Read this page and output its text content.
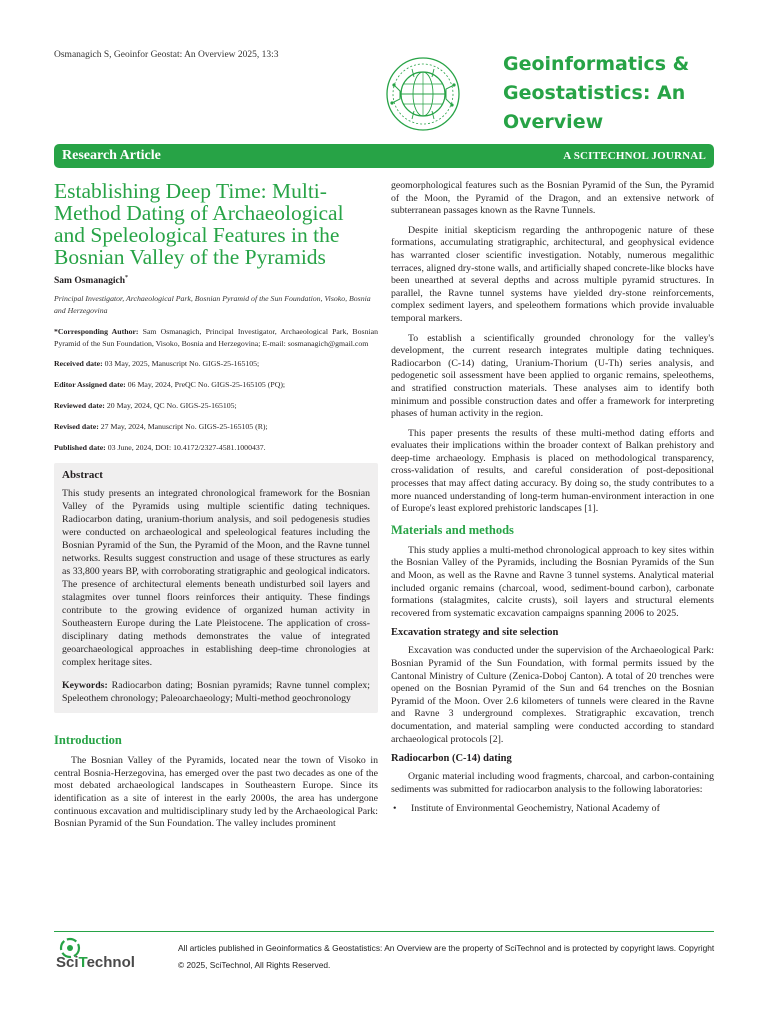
Osmanagich S, Geoinfor Geostat: An Overview 2025, 13:3	Geoinformatics &
Geostatistics: An
Overview
Research Article	A SCITECHNOL JOURNAL
Establishing Deep Time: Multi-Method Dating of Archaeological and Speleological Features in the Bosnian Valley of the Pyramids
Sam Osmanagich*
Principal Investigator, Archaeological Park, Bosnian Pyramid of the Sun Foundation, Visoko, Bosnia and Herzegovina
*Corresponding Author: Sam Osmanagich, Principal Investigator, Archaeological Park, Bosnian Pyramid of the Sun Foundation, Visoko, Bosnia and Herzegovina; E-mail: sosmanagich@gmail.com

Received date: 03 May, 2025, Manuscript No. GIGS-25-165105;

Editor Assigned date: 06 May, 2024, PreQC No. GIGS-25-165105 (PQ);

Reviewed date: 20 May, 2024, QC No. GIGS-25-165105;

Revised date: 27 May, 2024, Manuscript No. GIGS-25-165105 (R);

Published date: 03 June, 2024, DOI: 10.4172/2327-4581.1000437.

Abstract

This study presents an integrated chronological framework for the Bosnian Valley of the Pyramids using multiple scientific dating techniques. Radiocarbon dating, uranium-thorium analysis, and soil pedogenesis studies were conducted on archaeological and speleological features including the Bosnian Pyramid of the Sun, the Pyramid of the Moon, and the Ravne tunnel networks. Results suggest construction and usage of these structures as early as 33,800 years BP, with corroborating stratigraphic and geological indicators. The presence of architectural elements beneath undisturbed soil layers and stalagmites over tunnel floors reinforces their antiquity. These findings contribute to the growing evidence of organized human activity in Southeastern Europe during the Late Pleistocene. The application of cross-disciplinary dating methods demonstrates the value of integrated geoarchaeological approaches in establishing deep-time chronologies at complex heritage sites.

Keywords: Radiocarbon dating; Bosnian pyramids; Ravne tunnel complex; Speleothem chronology; Paleoarchaeology; Multi-method geochronology

Introduction

The Bosnian Valley of the Pyramids, located near the town of Visoko in central Bosnia-Herzegovina, has emerged over the past two decades as one of the most debated archaeological landscapes in Southeastern Europe. Since its identification as a site of interest in the early 2000s, the area has undergone continuous excavation and multidisciplinary study led by the Archaeological Park: Bosnian Pyramid of the Sun Foundation. The valley includes prominent

geomorphological features such as the Bosnian Pyramid of the Sun, the Pyramid of the Moon, the Pyramid of the Dragon, and an extensive network of subterranean passages known as the Ravne Tunnels.

Despite initial skepticism regarding the anthropogenic nature of these formations, accumulating stratigraphic, architectural, and geophysical evidence has warranted closer scientific investigation. Notably, numerous megalithic terraces, aligned dry-stone walls, and artificially shaped concrete-like blocks have been unearthed at several depths and across multiple pyramid structures. In parallel, the Ravne tunnel systems have yielded dry-stone reinforcements, complex sediment layers, and speleothem formations which provide invaluable temporal markers.

To establish a scientifically grounded chronology for the valley's development, the current research integrates multiple dating techniques. Radiocarbon (C-14) dating, Uranium-Thorium (U-Th) series analysis, and pedogenetic soil assessment have been applied to organic remains, speleothems, and stratified construction materials. These analyses aim to identify both minimum and possible construction dates and offer a framework for interpreting phases of human activity in the region.

This paper presents the results of these multi-method dating efforts and evaluates their implications within the broader context of Balkan prehistory and deep-time archaeology. Emphasis is placed on methodological transparency, cross-validation of results, and careful consideration of post-depositional processes that may affect dating accuracy. By doing so, the study contributes to a more nuanced understanding of long-term human-environment interaction in one of Europe's least explored prehistoric landscapes [1].

Materials and methods

This study applies a multi-method chronological approach to key sites within the Bosnian Valley of the Pyramids, including the Bosnian Pyramids of the Sun and Moon, as well as the Ravne and Ravne 3 tunnel systems. Analytical material included organic remains (charcoal, wood, sediment-bound carbon), carbonate formations (stalagmites, calcite crusts), soil layers and structural elements recovered from systematic excavation campaigns spanning 2006 to 2025.

Excavation strategy and site selection

Excavation was conducted under the supervision of the Archaeological Park: Bosnian Pyramid of the Sun Foundation, with formal permits issued by the Cantonal Ministry of Culture (Zenica-Doboj Canton). A total of 20 trenches were opened on the Bosnian Pyramid of the Sun and 64 trenches on the Bosnian Pyramid of the Moon. Over 2.6 kilometers of tunnels were cleared in the Ravne and Ravne 3 underground complexes. Stratigraphic excavation, trench documentation, and material sampling were conducted according to standard archaeological protocols [2].

Radiocarbon (C-14) dating

Organic material including wood fragments, charcoal, and carbon-containing sediments was submitted for radiocarbon analysis to the following laboratories:

• Institute of Environmental Geochemistry, National Academy of
SciTechnol
All articles published in Geoinformatics & Geostatistics: An Overview are the property of SciTechnol and is protected by copyright laws. Copyright © 2025, SciTechnol, All Rights Reserved.
